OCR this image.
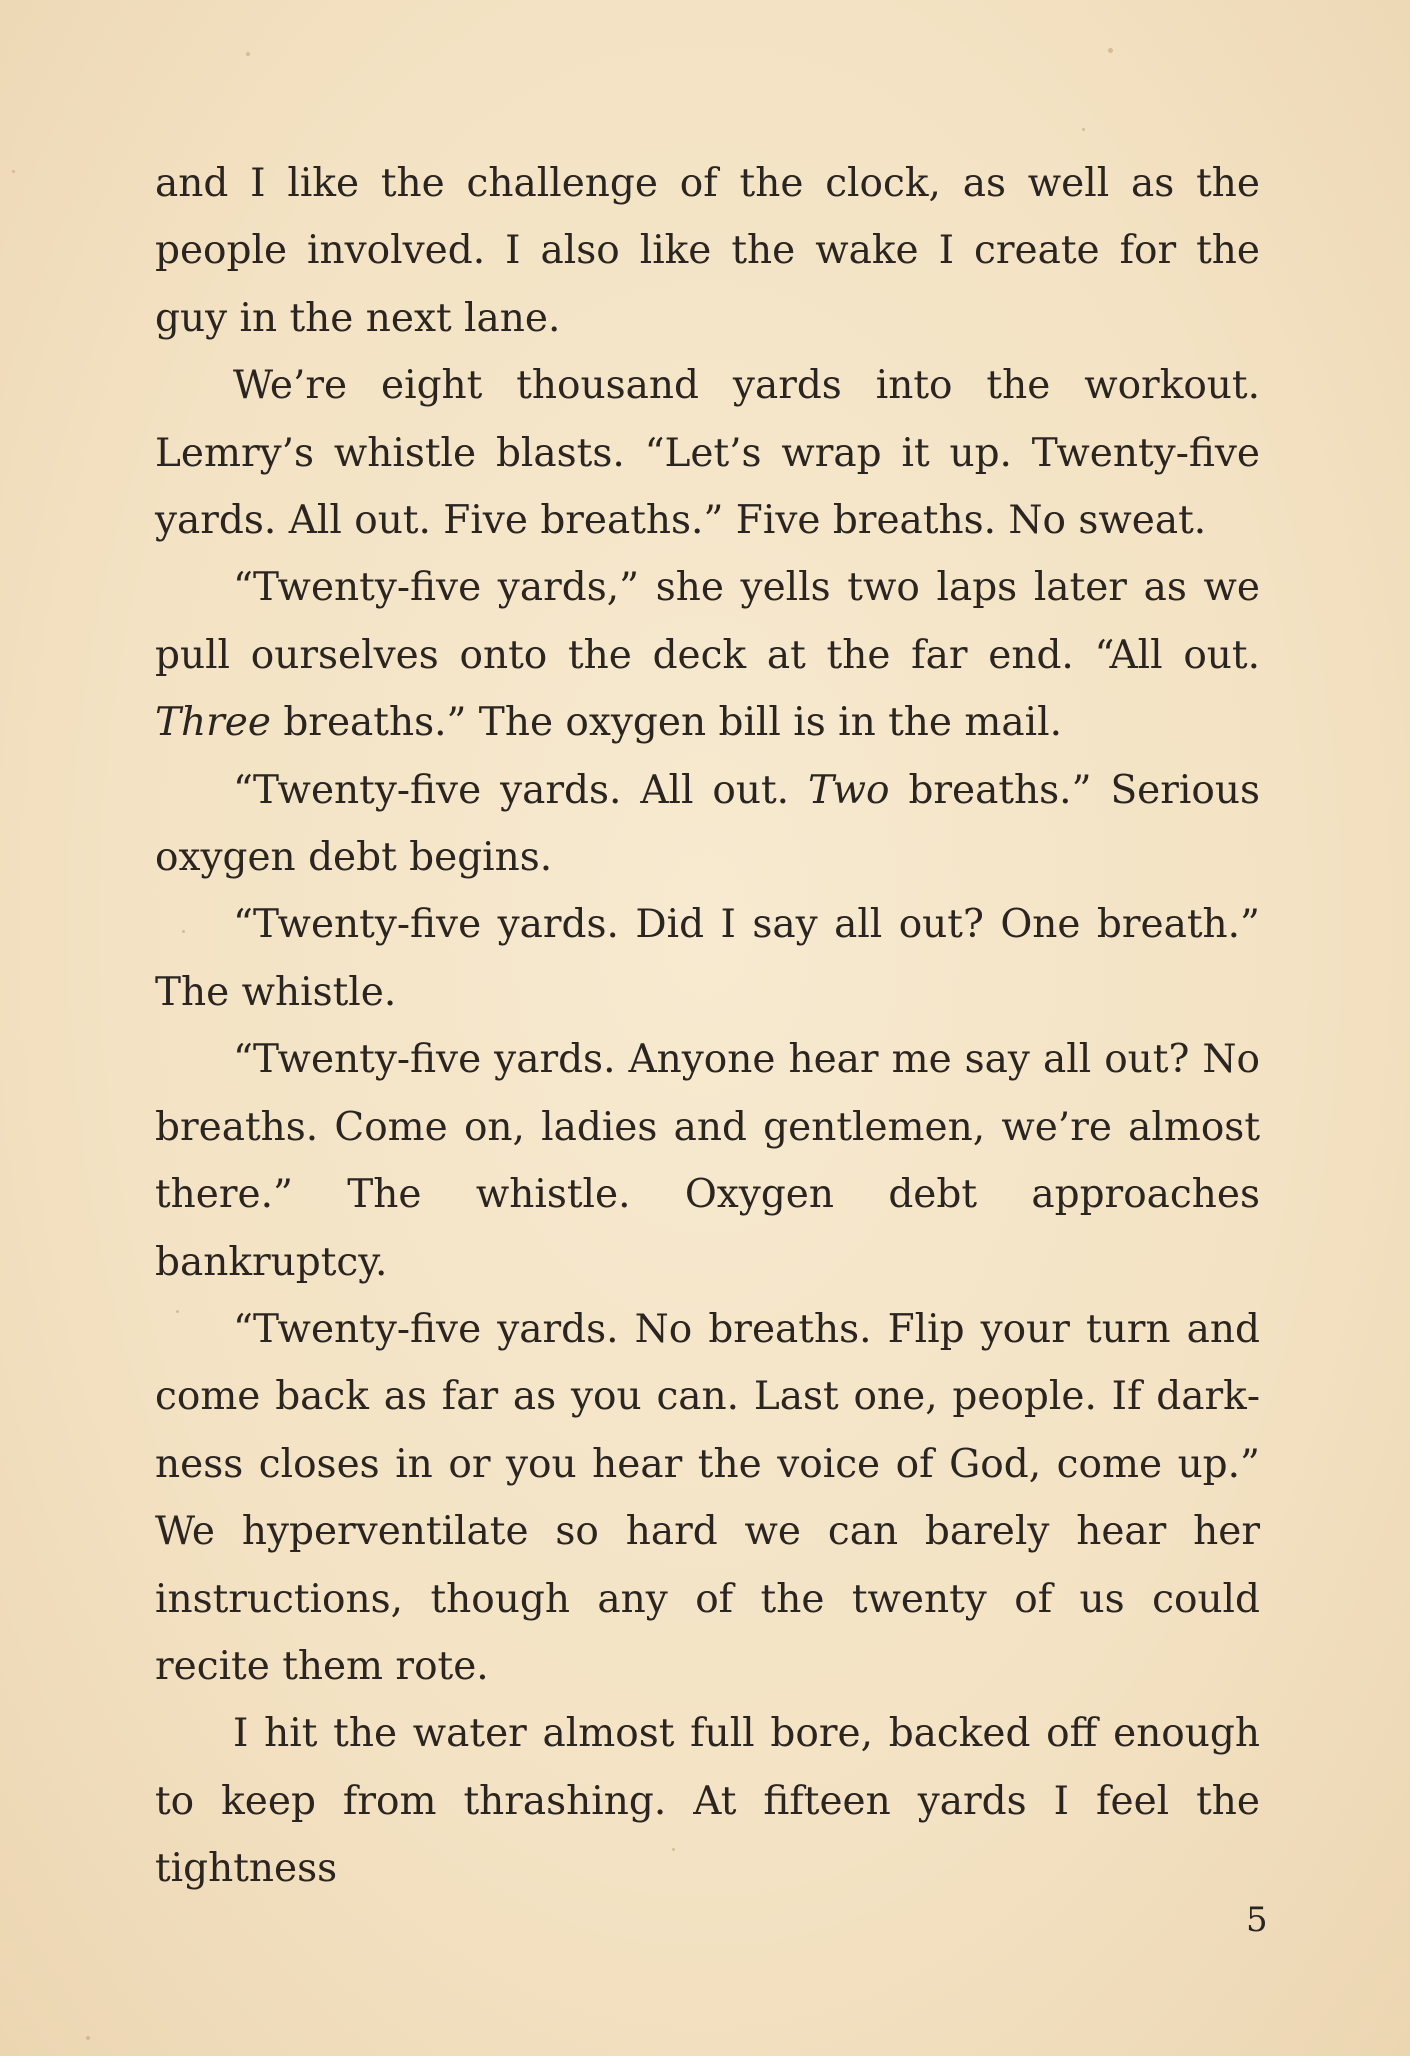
and I like the challenge of the clock, as well as the people involved. I also like the wake I create for the guy in the next lane.

We’re eight thousand yards into the workout. Lemry’s whistle blasts. “Let’s wrap it up. Twenty-five yards. All out. Five breaths.” Five breaths. No sweat.

“Twenty-five yards,” she yells two laps later as we pull ourselves onto the deck at the far end. “All out. Three breaths.” The oxygen bill is in the mail.

“Twenty-five yards. All out. Two breaths.” Serious oxygen debt begins.

“Twenty-five yards. Did I say all out? One breath.” The whistle.

“Twenty-five yards. Anyone hear me say all out? No breaths. Come on, ladies and gentlemen, we’re almost there.” The whistle. Oxygen debt approaches bankruptcy.

“Twenty-five yards. No breaths. Flip your turn and come back as far as you can. Last one, people. If darkness closes in or you hear the voice of God, come up.” We hyperventilate so hard we can barely hear her instructions, though any of the twenty of us could recite them rote.

I hit the water almost full bore, backed off enough to keep from thrashing. At fifteen yards I feel the tightness

5
